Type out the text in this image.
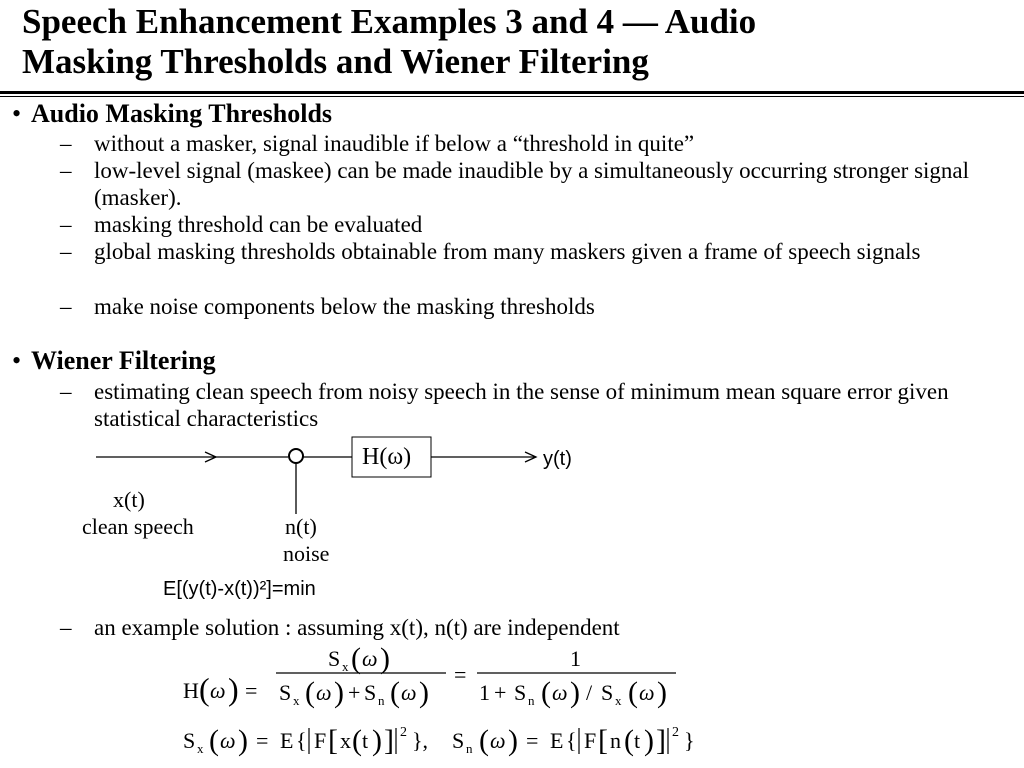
Speech Enhancement Examples 3 and 4 — Audio
Masking Thresholds and Wiener Filtering
• Audio Masking Thresholds
– without a masker, signal inaudible if below a “threshold in quite”
– low-level signal (maskee) can be made inaudible by a simultaneously occurring stronger signal (masker).
– masking threshold can be evaluated
– global masking thresholds obtainable from many maskers given a frame of speech signals
– make noise components below the masking thresholds
• Wiener Filtering
– estimating clean speech from noisy speech in the sense of minimum mean square error given statistical characteristics
H(ω)	y(t)
x(t)
clean speech	n(t)
noise
E[(y(t)-x(t))²]=min
– an example solution : assuming x(t), n(t) are independent
H ( ω ) =
S x ( ω )
S x ( ω ) + S n ( ω )
=
1
1 + S n ( ω ) / S x ( ω )
S x ( ω ) = E { F [ x ( t ) ] 2 }, S n ( ω ) = E { F [ n ( t ) ] 2 }
